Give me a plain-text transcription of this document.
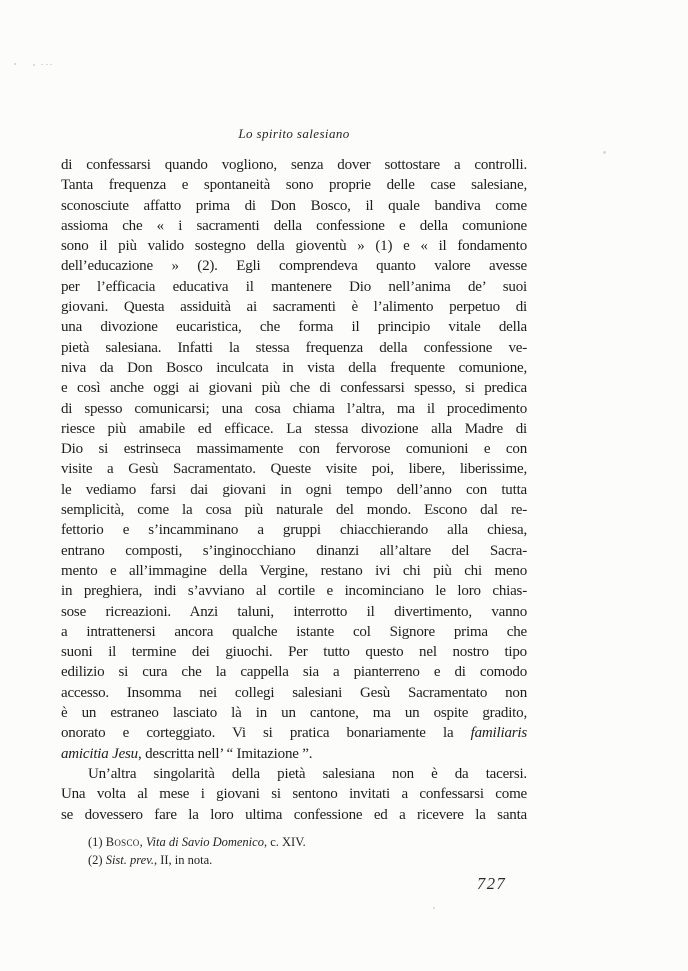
Lo spirito salesiano
di confessarsi quando vogliono, senza dover sottostare a controlli.
Tanta frequenza e spontaneità sono proprie delle case salesiane,
sconosciute affatto prima di Don Bosco, il quale bandiva come
assioma che « i sacramenti della confessione e della comunione
sono il più valido sostegno della gioventù » (1) e « il fondamento
dell’educazione » (2). Egli comprendeva quanto valore avesse
per l’efficacia educativa il mantenere Dio nell’anima de’ suoi
giovani. Questa assiduità ai sacramenti è l’alimento perpetuo di
una divozione eucaristica, che forma il principio vitale della
pietà salesiana. Infatti la stessa frequenza della confessione ve-
niva da Don Bosco inculcata in vista della frequente comunione,
e così anche oggi ai giovani più che di confessarsi spesso, si predica
di spesso comunicarsi; una cosa chiama l’altra, ma il procedimento
riesce più amabile ed efficace. La stessa divozione alla Madre di
Dio si estrinseca massimamente con fervorose comunioni e con
visite a Gesù Sacramentato. Queste visite poi, libere, liberissime,
le vediamo farsi dai giovani in ogni tempo dell’anno con tutta
semplicità, come la cosa più naturale del mondo. Escono dal re-
fettorio e s’incamminano a gruppi chiacchierando alla chiesa,
entrano composti, s’inginocchiano dinanzi all’altare del Sacra-
mento e all’immagine della Vergine, restano ivi chi più chi meno
in preghiera, indi s’avviano al cortile e incominciano le loro chias-
sose ricreazioni. Anzi taluni, interrotto il divertimento, vanno
a intrattenersi ancora qualche istante col Signore prima che
suoni il termine dei giuochi. Per tutto questo nel nostro tipo
edilizio si cura che la cappella sia a pianterreno e di comodo
accesso. Insomma nei collegi salesiani Gesù Sacramentato non
è un estraneo lasciato là in un cantone, ma un ospite gradito,
onorato e corteggiato. Vi si pratica bonariamente la familiaris
amicitia Jesu, descritta nell’ “ Imitazione ”.
Un’altra singolarità della pietà salesiana non è da tacersi.
Una volta al mese i giovani si sentono invitati a confessarsi come
se dovessero fare la loro ultima confessione ed a ricevere la santa
(1) Bosco, Vita di Savio Domenico, c. XIV.
(2) Sist. prev., II, in nota.
727
